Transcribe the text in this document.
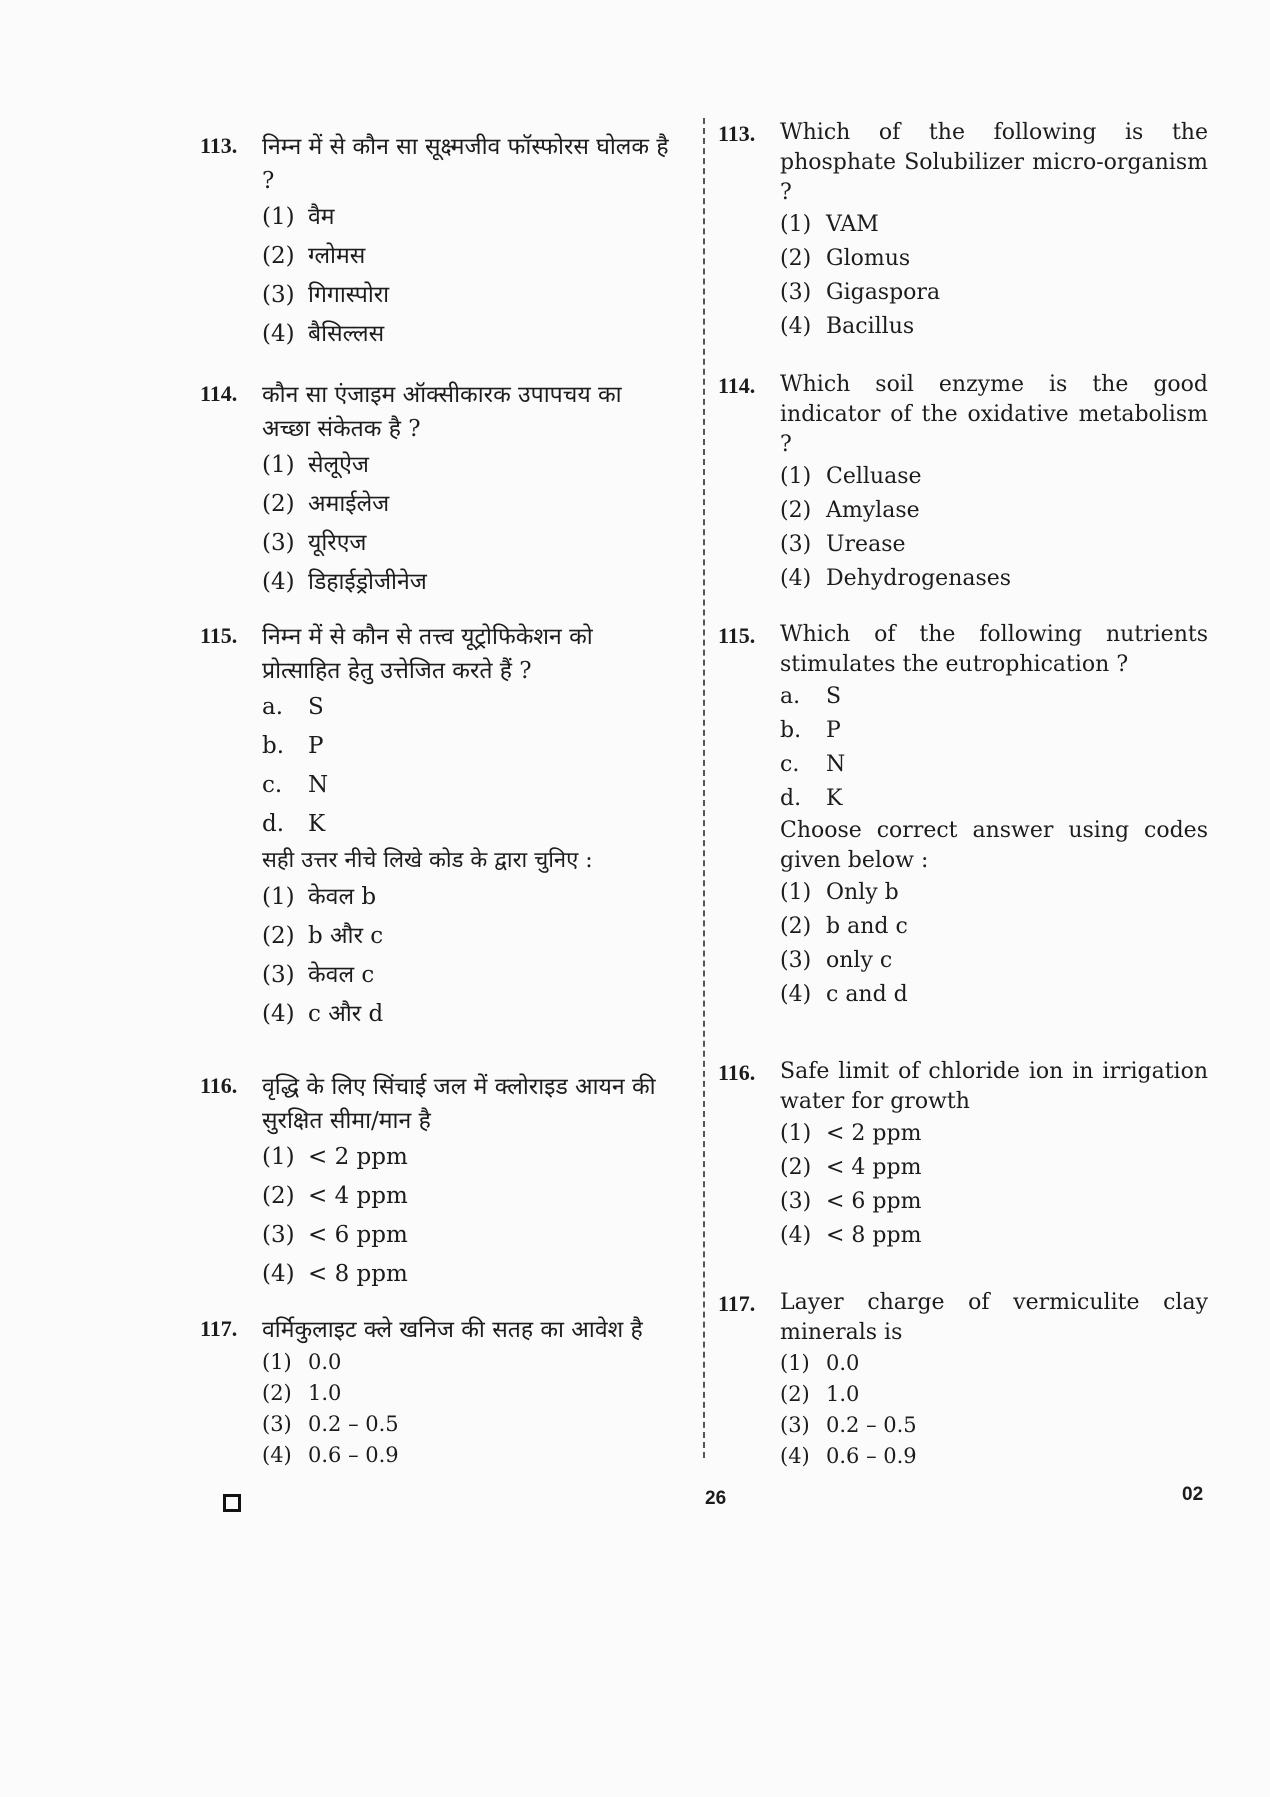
113.	निम्न में से कौन सा सूक्ष्मजीव फॉस्फोरस घोलक है ?
(1) वैम
(2) ग्लोमस
(3) गिगास्पोरा
(4) बैसिल्लस
114.	कौन सा एंजाइम ऑक्सीकारक उपापचय का अच्छा संकेतक है ?
(1) सेलूऐज
(2) अमाईलेज
(3) यूरिएज
(4) डिहाईड्रोजीनेज
115.	निम्न में से कौन से तत्त्व यूट्रोफिकेशन को प्रोत्साहित हेतु उत्तेजित करते हैं ?
a.	S
b.	P
c.	N
d.	K
सही उत्तर नीचे लिखे कोड के द्वारा चुनिए :
(1) केवल b
(2) b और c
(3) केवल c
(4) c और d
116.	वृद्धि के लिए सिंचाई जल में क्लोराइड आयन की सुरक्षित सीमा/मान है
(1) < 2 ppm
(2) < 4 ppm
(3) < 6 ppm
(4) < 8 ppm
117.	वर्मिकुलाइट क्ले खनिज की सतह का आवेश है
(1) 0.0
(2) 1.0
(3) 0.2 – 0.5
(4) 0.6 – 0.9
113.	Which of the following is the phosphate Solubilizer micro-organism ?
(1) VAM
(2) Glomus
(3) Gigaspora
(4) Bacillus
114.	Which soil enzyme is the good indicator of the oxidative metabolism ?
(1) Celluase
(2) Amylase
(3) Urease
(4) Dehydrogenases
115.	Which of the following nutrients stimulates the eutrophication ?
a.	S
b.	P
c.	N
d.	K
Choose correct answer using codes given below :
(1) Only b
(2) b and c
(3) only c
(4) c and d
116.	Safe limit of chloride ion in irrigation water for growth
(1) < 2 ppm
(2) < 4 ppm
(3) < 6 ppm
(4) < 8 ppm
117.	Layer charge of vermiculite clay minerals is
(1) 0.0
(2) 1.0
(3) 0.2 – 0.5
(4) 0.6 – 0.9
26	02
